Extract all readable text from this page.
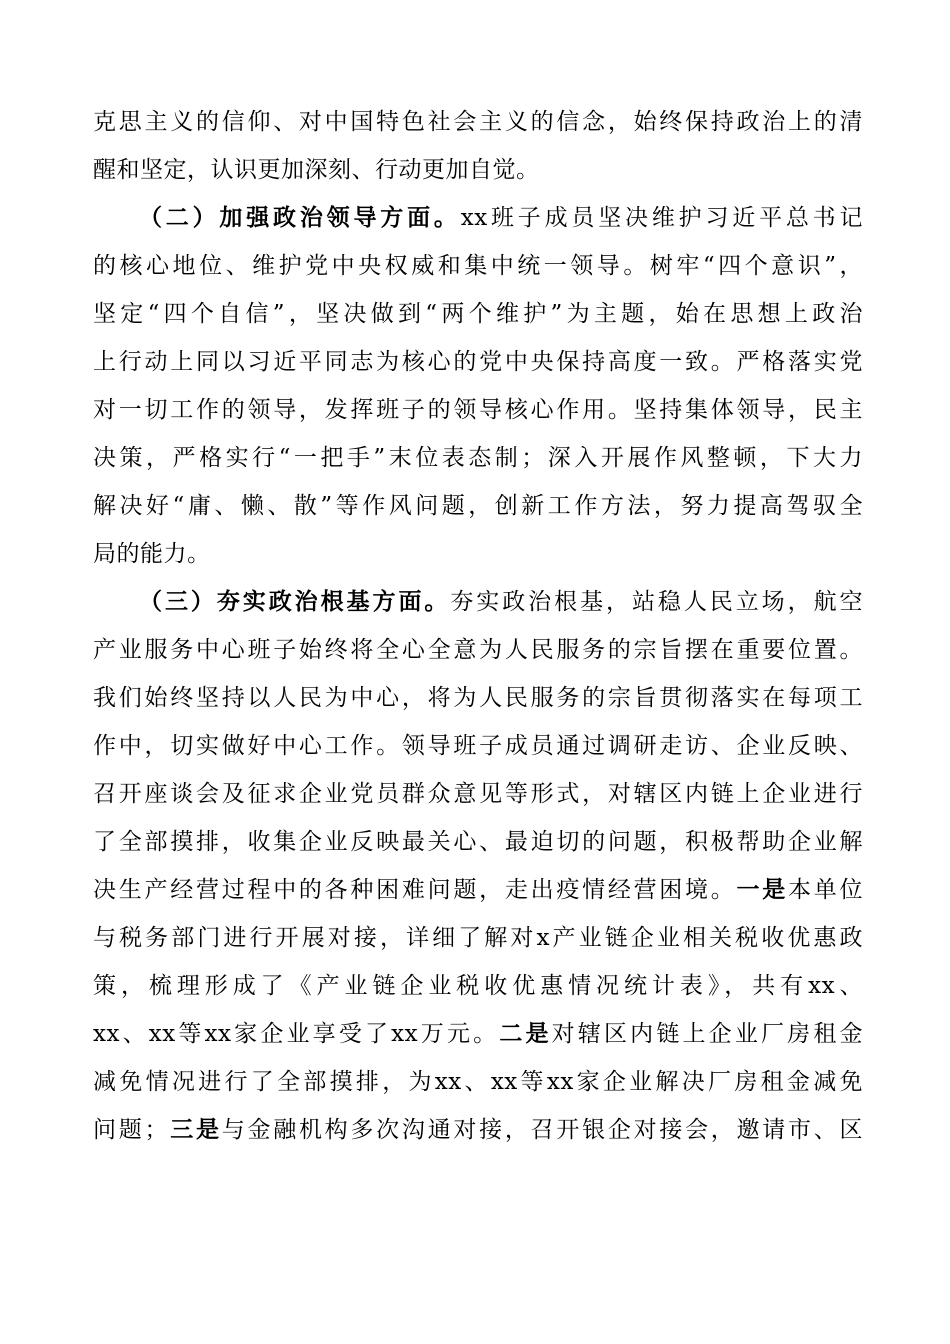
克思主义的信仰、对中国特色社会主义的信念，始终保持政治上的清
醒和坚定，认识更加深刻、行动更加自觉。
（二）加强政治领导方面。xx班子成员坚决维护习近平总书记
的核心地位、维护党中央权威和集中统一领导。树牢“四个意识”，
坚定“四个自信”，坚决做到“两个维护”为主题，始在思想上政治
上行动上同以习近平同志为核心的党中央保持高度一致。严格落实党
对一切工作的领导，发挥班子的领导核心作用。坚持集体领导，民主
决策，严格实行“一把手”末位表态制；深入开展作风整顿，下大力
解决好“庸、懒、散”等作风问题，创新工作方法，努力提高驾驭全
局的能力。
（三）夯实政治根基方面。夯实政治根基，站稳人民立场，航空
产业服务中心班子始终将全心全意为人民服务的宗旨摆在重要位置。
我们始终坚持以人民为中心，将为人民服务的宗旨贯彻落实在每项工
作中，切实做好中心工作。领导班子成员通过调研走访、企业反映、
召开座谈会及征求企业党员群众意见等形式，对辖区内链上企业进行
了全部摸排，收集企业反映最关心、最迫切的问题，积极帮助企业解
决生产经营过程中的各种困难问题，走出疫情经营困境。一是本单位
与税务部门进行开展对接，详细了解对x产业链企业相关税收优惠政
策，梳理形成了《产业链企业税收优惠情况统计表》，共有xx、
xx、xx等xx家企业享受了xx万元。二是对辖区内链上企业厂房租金
减免情况进行了全部摸排，为xx、xx等xx家企业解决厂房租金减免
问题；三是与金融机构多次沟通对接，召开银企对接会，邀请市、区
